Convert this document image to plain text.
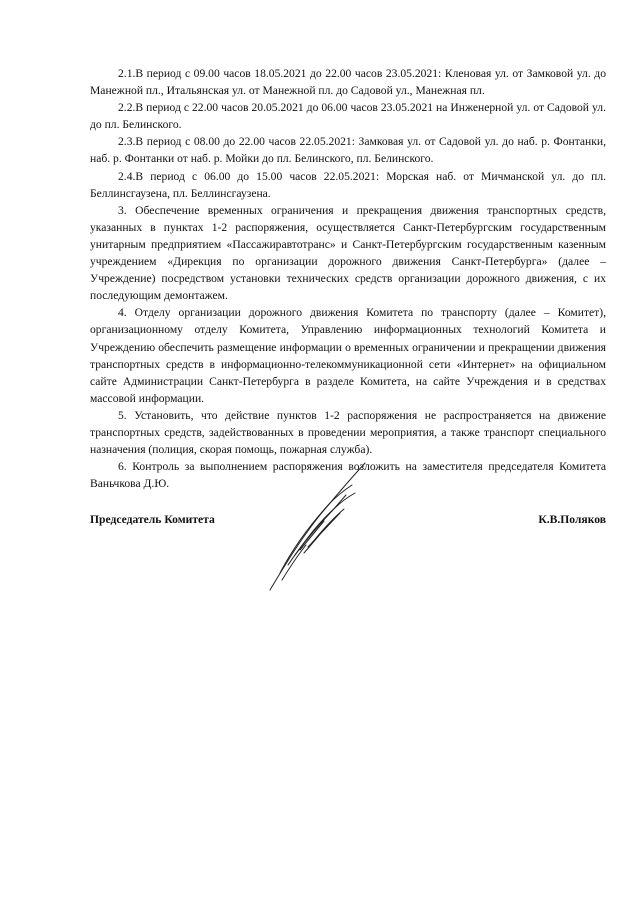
2.1.В период с 09.00 часов 18.05.2021 до 22.00 часов 23.05.2021: Кленовая ул. от Замковой ул. до Манежной пл., Итальянская ул. от Манежной пл. до Садовой ул., Манежная пл.

2.2.В период с 22.00 часов 20.05.2021 до 06.00 часов 23.05.2021 на Инженерной ул. от Садовой ул. до пл. Белинского.

2.3.В период с 08.00 до 22.00 часов 22.05.2021: Замковая ул. от Садовой ул. до наб. р. Фонтанки, наб. р. Фонтанки от наб. р. Мойки до пл. Белинского, пл. Белинского.

2.4.В период с 06.00 до 15.00 часов 22.05.2021: Морская наб. от Мичманской ул. до пл. Беллинсгаузена, пл. Беллинсгаузена.

3. Обеспечение временных ограничения и прекращения движения транспортных средств, указанных в пунктах 1-2 распоряжения, осуществляется Санкт-Петербургским государственным унитарным предприятием «Пассажиравтотранс» и Санкт-Петербургским государственным казенным учреждением «Дирекция по организации дорожного движения Санкт-Петербурга» (далее – Учреждение) посредством установки технических средств организации дорожного движения, с их последующим демонтажем.

4. Отделу организации дорожного движения Комитета по транспорту (далее – Комитет), организационному отделу Комитета, Управлению информационных технологий Комитета и Учреждению обеспечить размещение информации о временных ограничении и прекращении движения транспортных средств в информационно-телекоммуникационной сети «Интернет» на официальном сайте Администрации Санкт-Петербурга в разделе Комитета, на сайте Учреждения и в средствах массовой информации.

5. Установить, что действие пунктов 1-2 распоряжения не распространяется на движение транспортных средств, задействованных в проведении мероприятия, а также транспорт специального назначения (полиция, скорая помощь, пожарная служба).

6. Контроль за выполнением распоряжения возложить на заместителя председателя Комитета Ваньчкова Д.Ю.

Председатель Комитета	К.В.Поляков
